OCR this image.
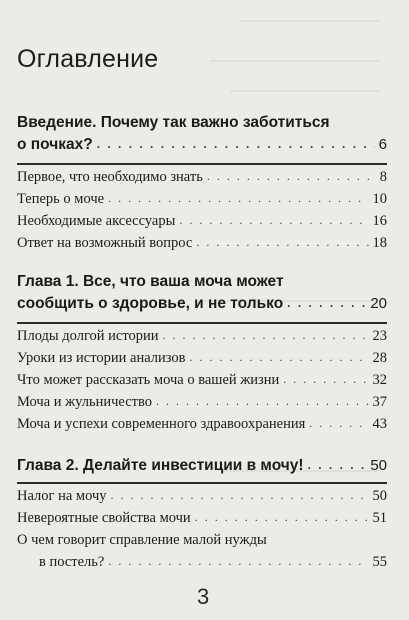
Оглавление
Введение. Почему так важно заботиться
о почках? . . .	6
Первое, что необходимо знать . . .	8
Теперь о моче . . .	10
Необходимые аксессуары . . .	16
Ответ на возможный вопрос . . .	18
Глава 1. Все, что ваша моча может
сообщить о здоровье, и не только . . .	20
Плоды долгой истории . . .	23
Уроки из истории анализов . . .	28
Что может рассказать моча о вашей жизни . . .	32
Моча и жульничество . . .	37
Моча и успехи современного здравоохранения . . .	43
Глава 2. Делайте инвестиции в мочу! . . .	50
Налог на мочу . . .	50
Невероятные свойства мочи . . .	51
О чем говорит справление малой нужды
в постель? . . .	55
3
